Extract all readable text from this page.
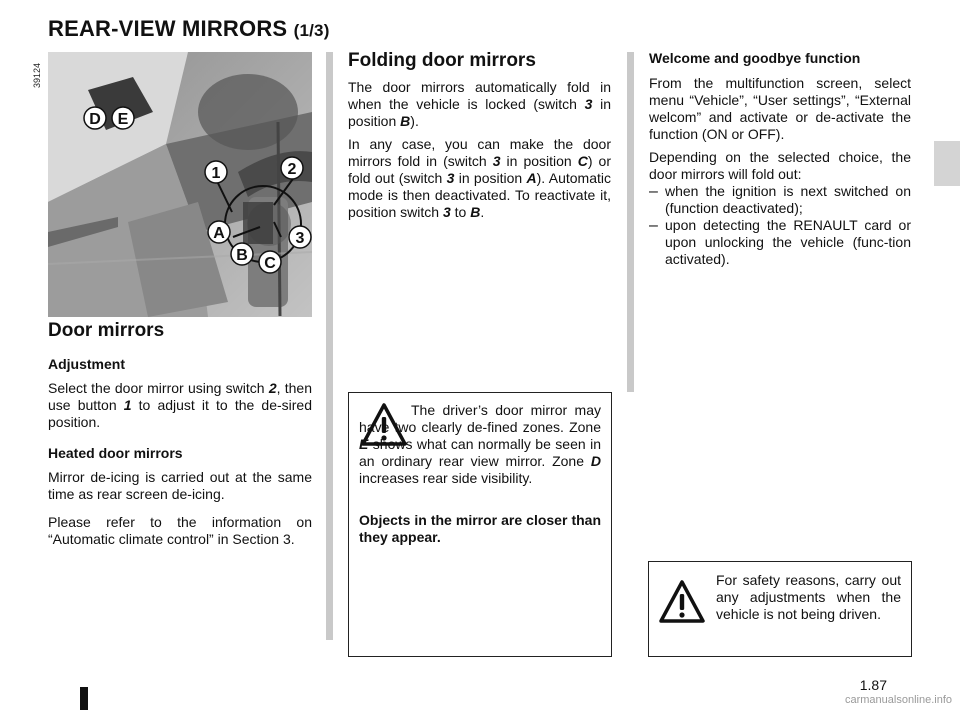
REAR-VIEW MIRRORS (1/3)
D E
1	2
A	3
B C
39124
Door mirrors
Adjustment

Select the door mirror using switch 2, then use button 1 to adjust it to the de-sired position.

Heated door mirrors

Mirror de-icing is carried out at the same time as rear screen de-icing.

Please refer to the information on “Automatic climate control” in Section 3.

Folding door mirrors

The door mirrors automatically fold in when the vehicle is locked (switch 3 in position B).

In any case, you can make the door mirrors fold in (switch 3 in position C) or fold out (switch 3 in position A). Automatic mode is then deactivated. To reactivate it, position switch 3 to B.

The driver’s door mirror may have two clearly de-fined zones. Zone E shows what can normally be seen in an ordinary rear view mirror. Zone D increases rear side visibility.

Objects in the mirror are closer than they appear.

Welcome and goodbye function

From the multifunction screen, select menu “Vehicle”, “User settings”, “External welcom” and activate or de-activate the function (ON or OFF).

Depending on the selected choice, the door mirrors will fold out:

– when the ignition is next switched on (function deactivated);

– upon detecting the RENAULT card or upon unlocking the vehicle (func-tion activated).

For safety reasons, carry out any adjustments when the vehicle is not being driven.

1.87
carmanualsonline.info
